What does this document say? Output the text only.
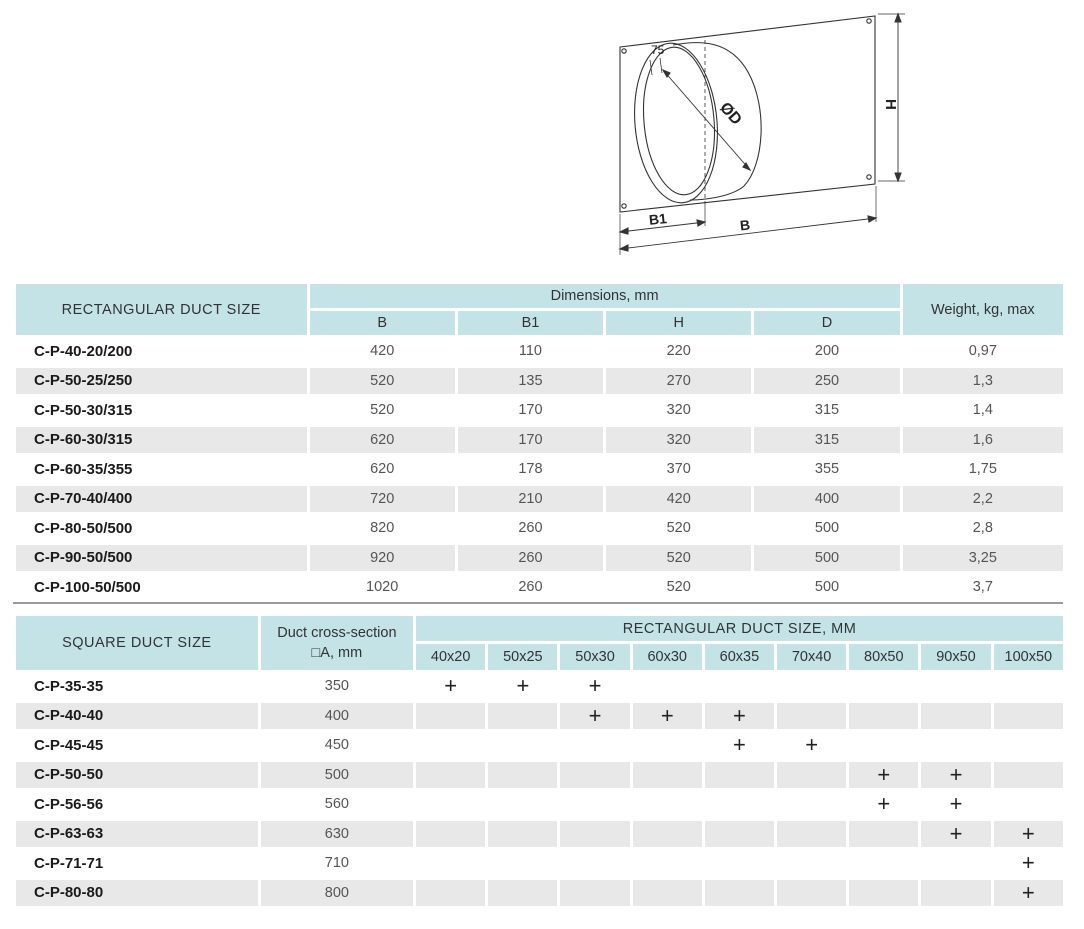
75
ØD	H
B1	B
RECTANGULAR DUCT SIZE	Dimensions, mm				Weight, kg, max
	B	B1	H	D	
C-P-40-20/200	420	110	220	200	0,97
C-P-50-25/250	520	135	270	250	1,3
C-P-50-30/315	520	170	320	315	1,4
C-P-60-30/315	620	170	320	315	1,6
C-P-60-35/355	620	178	370	355	1,75
C-P-70-40/400	720	210	420	400	2,2
C-P-80-50/500	820	260	520	500	2,8
C-P-90-50/500	920	260	520	500	3,25
C-P-100-50/500	1020	260	520	500	3,7
SQUARE DUCT SIZE	Duct cross-section
□A, mm	RECTANGULAR DUCT SIZE, MM								
		40x20	50x25	50x30	60x30	60x35	70x40	80x50	90x50	100x50
C-P-35-35	350	+	+	+						
C-P-40-40	400			+	+	+				
C-P-45-45	450					+	+			
C-P-50-50	500							+	+	
C-P-56-56	560							+	+	
C-P-63-63	630								+	+
C-P-71-71	710									+
C-P-80-80	800									+
